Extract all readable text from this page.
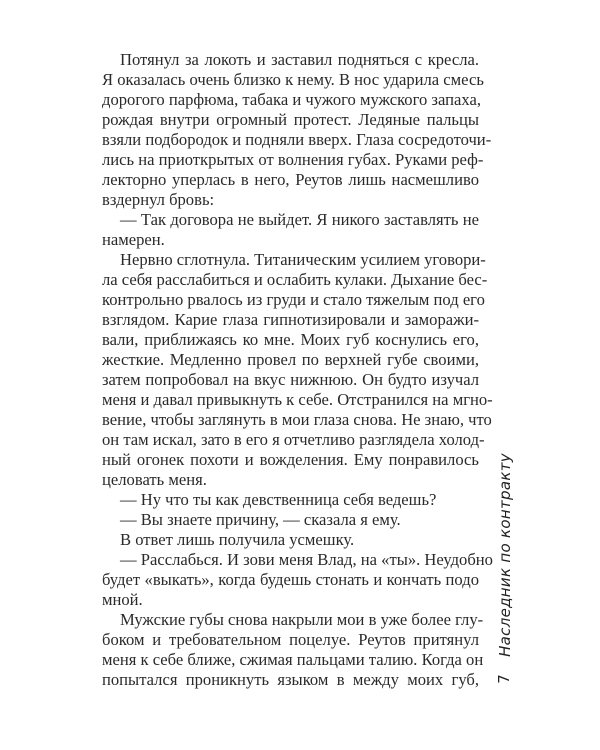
Потянул за локоть и заставил подняться с кресла.
Я оказалась очень близко к нему. В нос ударила смесь
дорогого парфюма, табака и чужого мужского запаха,
рождая внутри огромный протест. Ледяные пальцы
взяли подбородок и подняли вверх. Глаза сосредоточи-
лись на приоткрытых от волнения губах. Руками реф-
лекторно уперлась в него, Реутов лишь насмешливо
вздернул бровь:
— Так договора не выйдет. Я никого заставлять не
намерен.
Нервно сглотнула. Титаническим усилием уговори-
ла себя расслабиться и ослабить кулаки. Дыхание бес-
контрольно рвалось из груди и стало тяжелым под его
взглядом. Карие глаза гипнотизировали и заморажи-
вали, приближаясь ко мне. Моих губ коснулись его,
жесткие. Медленно провел по верхней губе своими,
затем попробовал на вкус нижнюю. Он будто изучал
меня и давал привыкнуть к себе. Отстранился на мгно-
вение, чтобы заглянуть в мои глаза снова. Не знаю, что
он там искал, зато в его я отчетливо разглядела холод-
ный огонек похоти и вожделения. Ему понравилось
целовать меня.
— Ну что ты как девственница себя ведешь?
— Вы знаете причину, — сказала я ему.
В ответ лишь получила усмешку.
— Расслабься. И зови меня Влад, на «ты». Неудобно
будет «выкать», когда будешь стонать и кончать подо
мной.
Мужские губы снова накрыли мои в уже более глу-
боком и требовательном поцелуе. Реутов притянул
меня к себе ближе, сжимая пальцами талию. Когда он
попытался проникнуть языком в между моих губ,
Наследник по контракту
7
